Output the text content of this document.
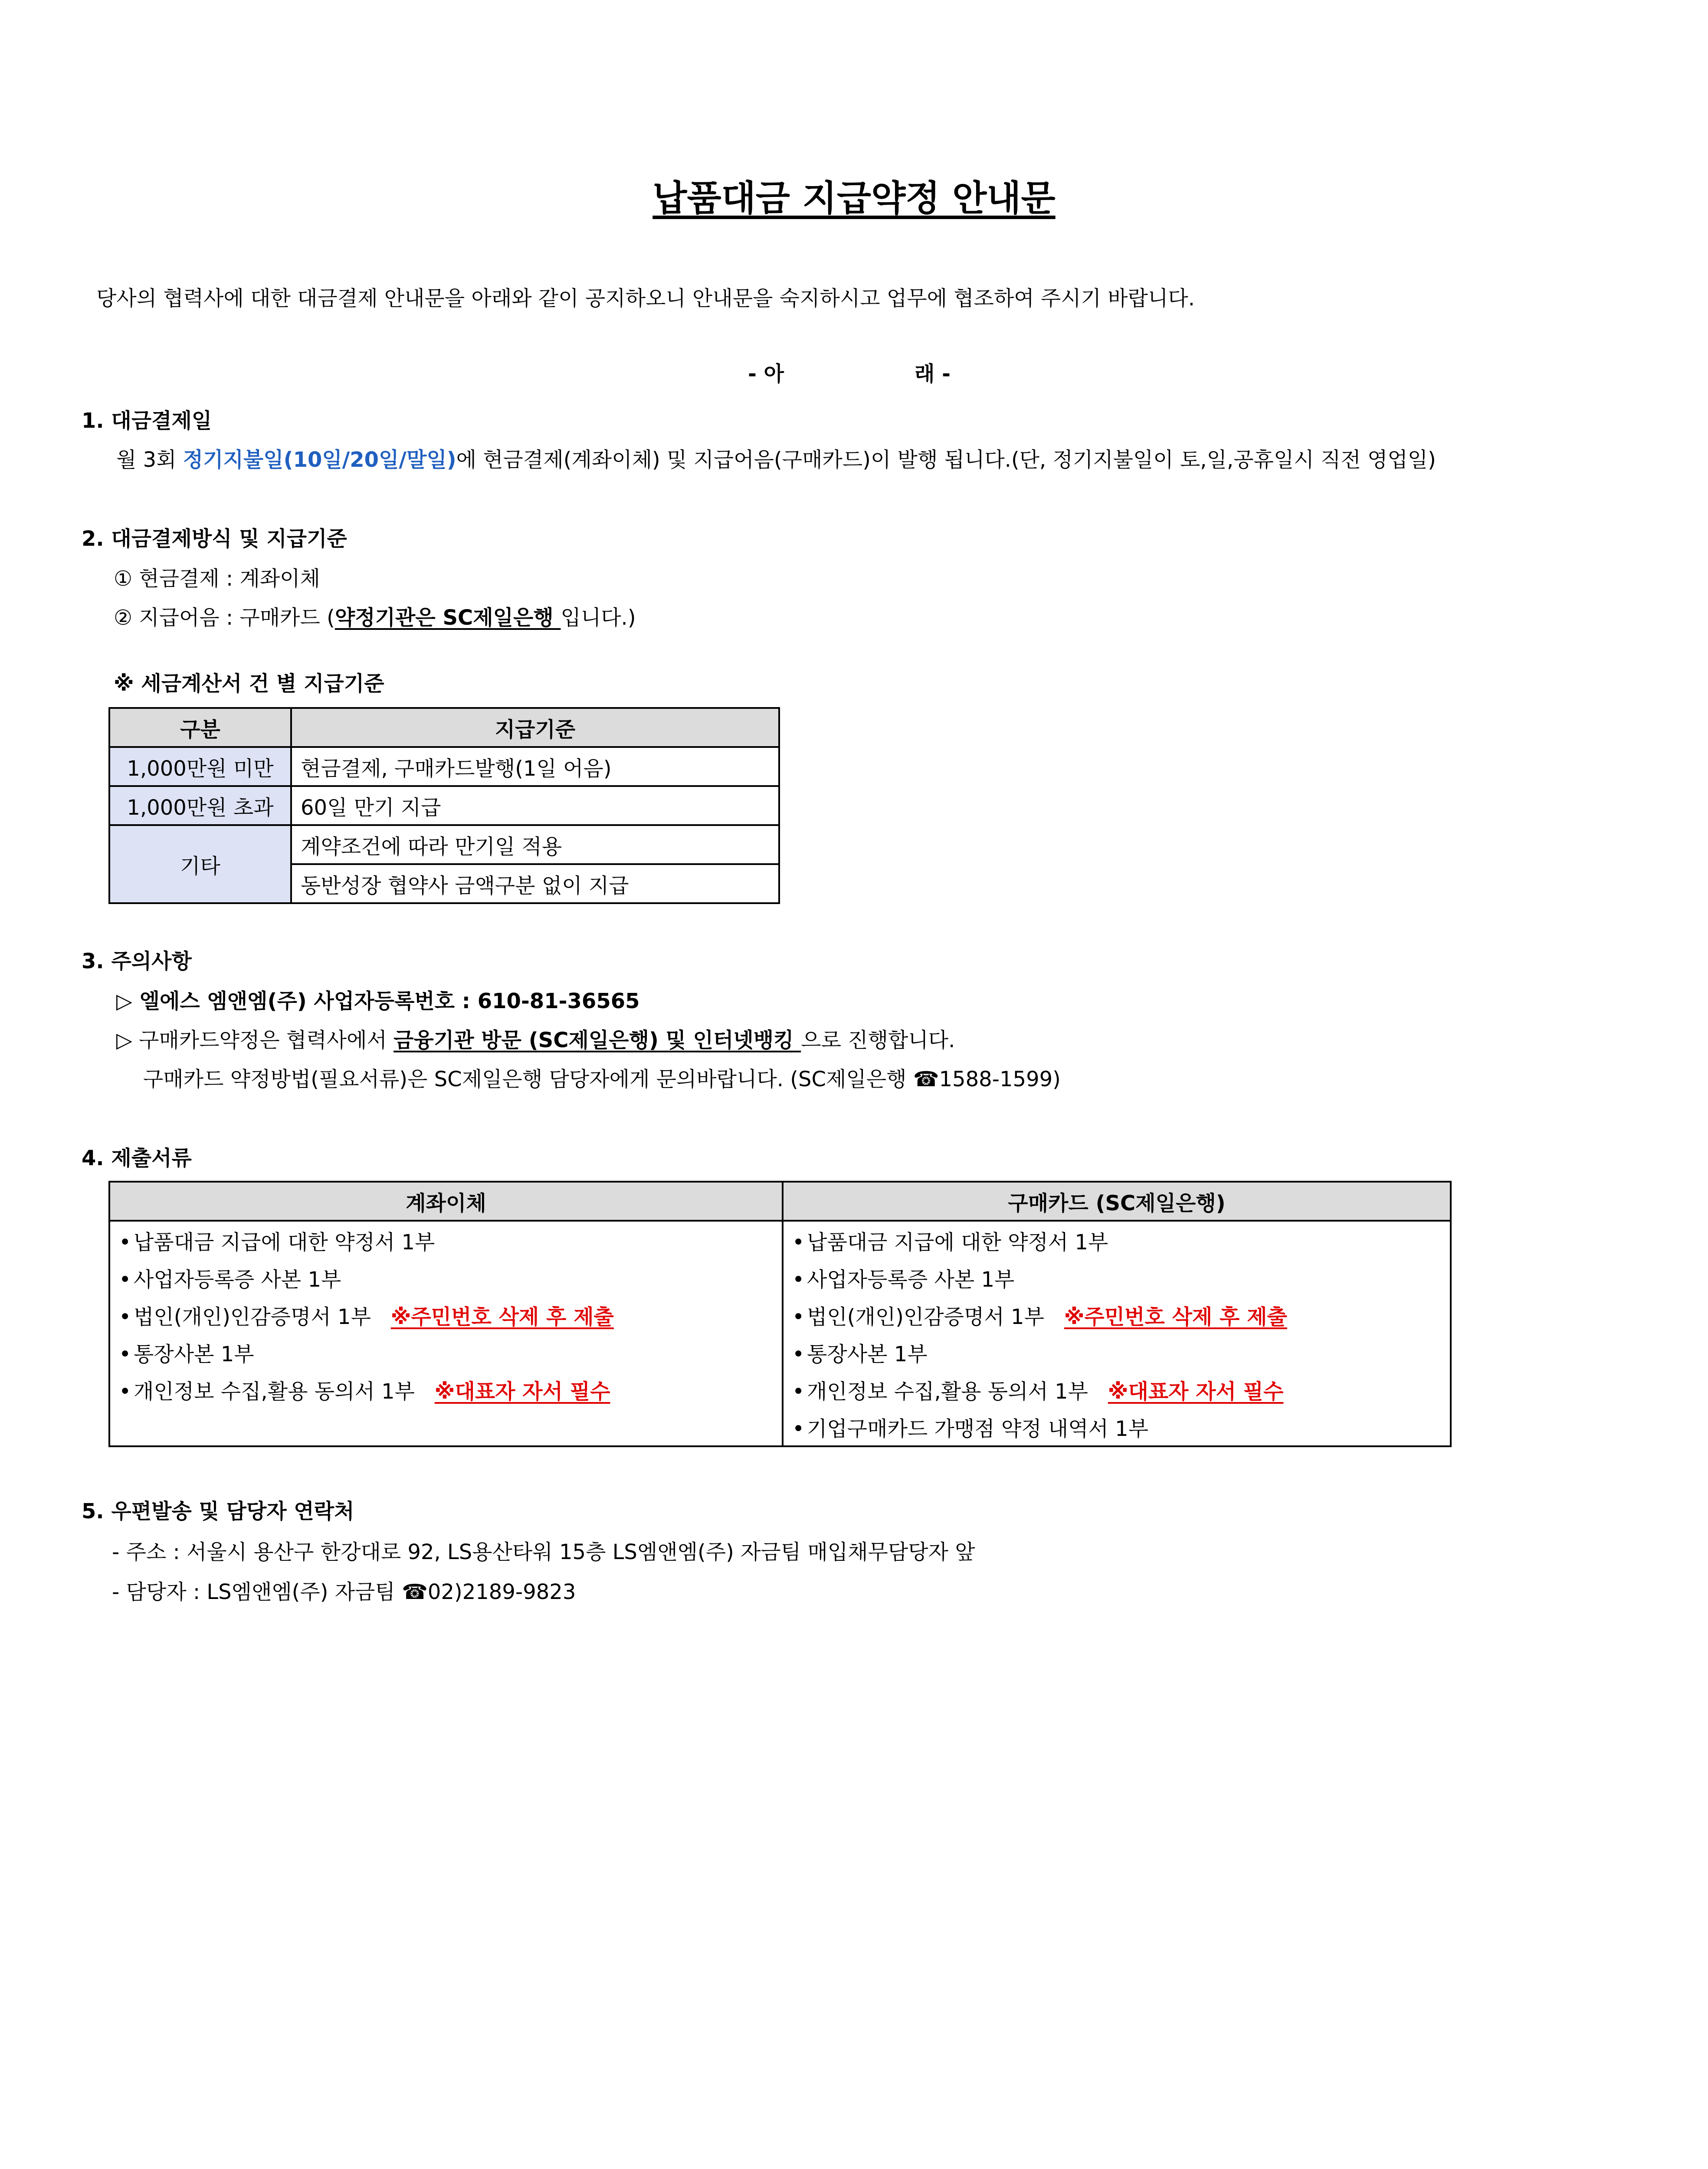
납품대금 지급약정 안내문
당사의 협력사에 대한 대금결제 안내문을 아래와 같이 공지하오니 안내문을 숙지하시고 업무에 협조하여 주시기 바랍니다.
- 아	래 -
1. 대금결제일
월 3회 정기지불일(10일/20일/말일)에 현금결제(계좌이체) 및 지급어음(구매카드)이 발행 됩니다.(단, 정기지불일이 토,일,공휴일시 직전 영업일)
2. 대금결제방식 및 지급기준
① 현금결제 : 계좌이체
② 지급어음 : 구매카드 (약정기관은 SC제일은행 입니다.)
※ 세금계산서 건 별 지급기준
구분	지급기준
1,000만원 미만	현금결제, 구매카드발행(1일 어음)
1,000만원 초과	60일 만기 지급
기타	계약조건에 따라 만기일 적용
	동반성장 협약사 금액구분 없이 지급
3. 주의사항
▷ 엘에스 엠앤엠(주) 사업자등록번호 : 610-81-36565
▷ 구매카드약정은 협력사에서 금융기관 방문 (SC제일은행) 및 인터넷뱅킹 으로 진행합니다.
구매카드 약정방법(필요서류)은 SC제일은행 담당자에게 문의바랍니다. (SC제일은행 ☎1588-1599)
4. 제출서류
계좌이체	구매카드 (SC제일은행)
• 납품대금 지급에 대한 약정서 1부	• 납품대금 지급에 대한 약정서 1부
• 사업자등록증 사본 1부	• 사업자등록증 사본 1부
• 법인(개인)인감증명서 1부 ※주민번호 삭제 후 제출	• 법인(개인)인감증명서 1부 ※주민번호 삭제 후 제출
• 통장사본 1부	• 통장사본 1부
• 개인정보 수집,활용 동의서 1부 ※대표자 자서 필수	• 개인정보 수집,활용 동의서 1부 ※대표자 자서 필수
	• 기업구매카드 가맹점 약정 내역서 1부
5. 우편발송 및 담당자 연락처
- 주소 : 서울시 용산구 한강대로 92, LS용산타워 15층 LS엠앤엠(주) 자금팀 매입채무담당자 앞
- 담당자 : LS엠앤엠(주) 자금팀 ☎02)2189-9823
